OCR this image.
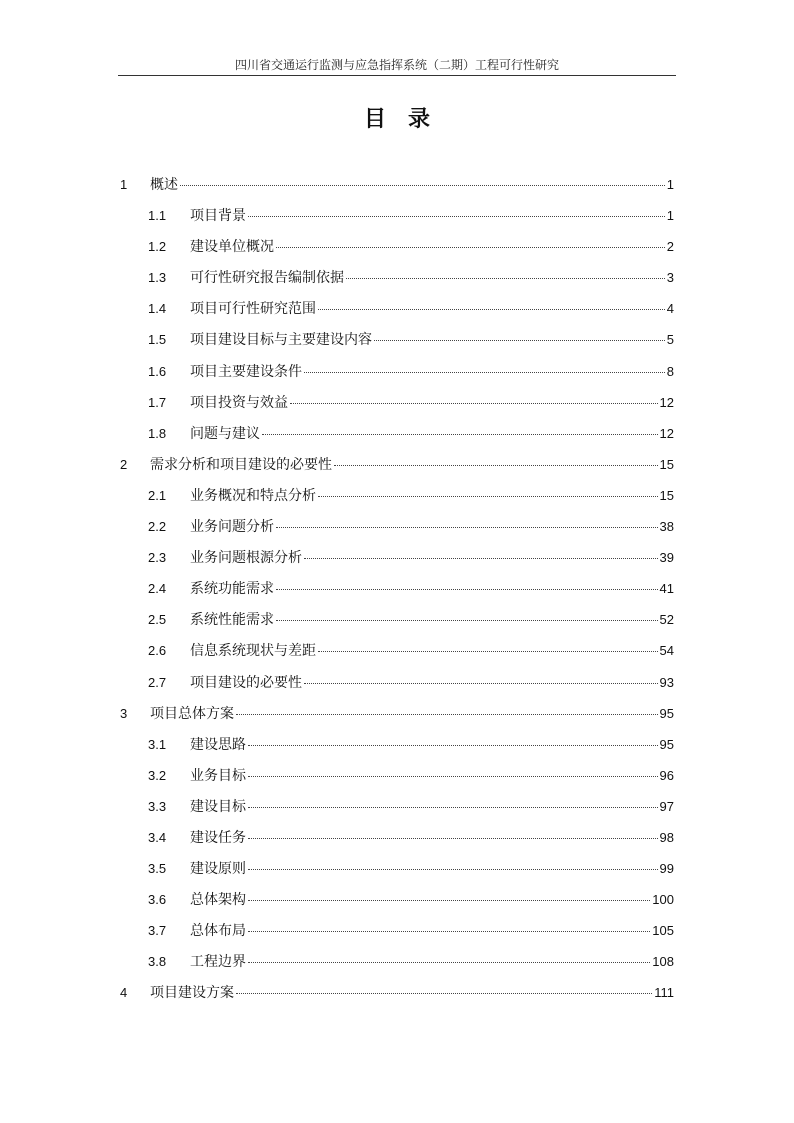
四川省交通运行监测与应急指挥系统（二期）工程可行性研究
目录
1	概述	1
1.1	项目背景	1
1.2	建设单位概况	2
1.3	可行性研究报告编制依据	3
1.4	项目可行性研究范围	4
1.5	项目建设目标与主要建设内容	5
1.6	项目主要建设条件	8
1.7	项目投资与效益	12
1.8	问题与建议	12
2	需求分析和项目建设的必要性	15
2.1	业务概况和特点分析	15
2.2	业务问题分析	38
2.3	业务问题根源分析	39
2.4	系统功能需求	41
2.5	系统性能需求	52
2.6	信息系统现状与差距	54
2.7	项目建设的必要性	93
3	项目总体方案	95
3.1	建设思路	95
3.2	业务目标	96
3.3	建设目标	97
3.4	建设任务	98
3.5	建设原则	99
3.6	总体架构	100
3.7	总体布局	105
3.8	工程边界	108
4	项目建设方案	111
